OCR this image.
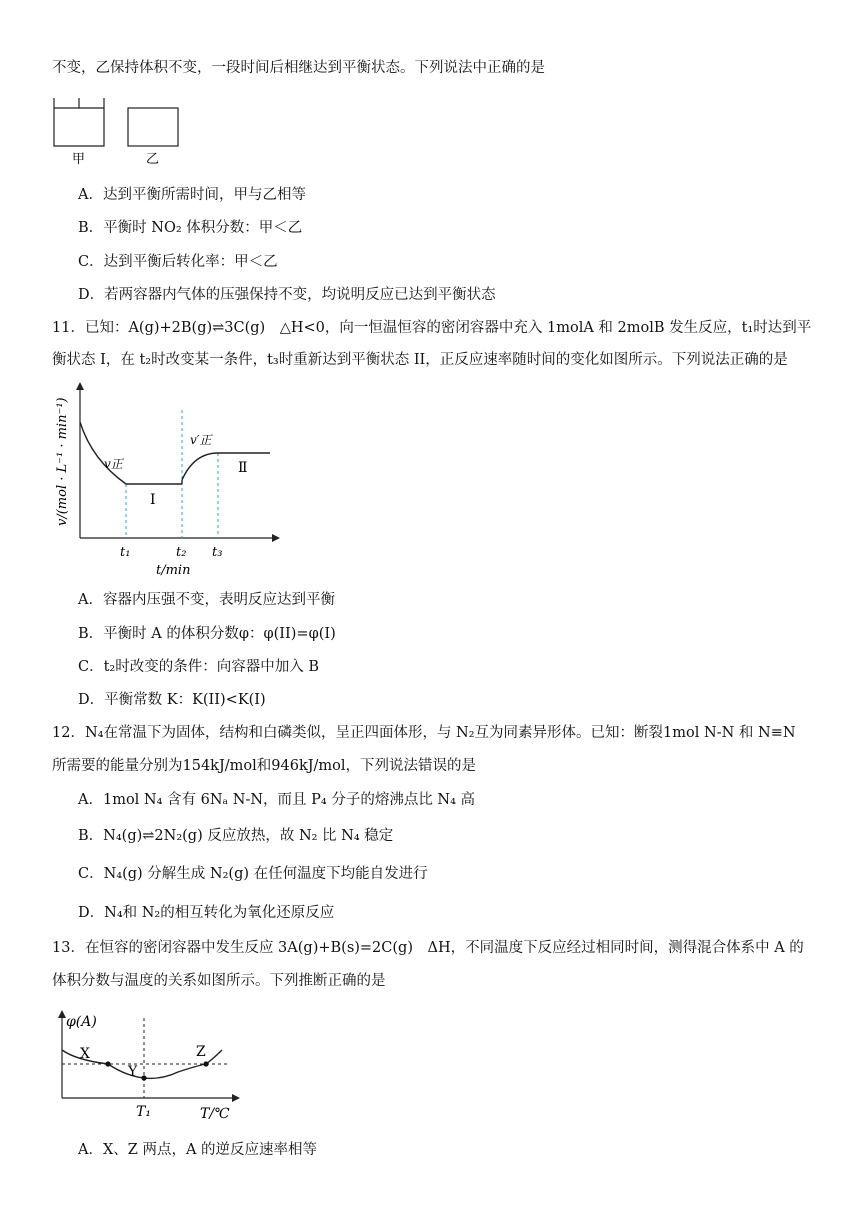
不变，乙保持体积不变，一段时间后相继达到平衡状态。下列说法中正确的是
甲	乙
A．达到平衡所需时间，甲与乙相等
B．平衡时 NO₂ 体积分数：甲＜乙
C．达到平衡后转化率：甲＜乙
D．若两容器内气体的压强保持不变，均说明反应已达到平衡状态
11．已知：A(g)+2B(g)⇌3C(g)　△H<0，向一恒温恒容的密闭容器中充入 1molA 和 2molB 发生反应，t₁时达到平
衡状态 I，在 t₂时改变某一条件，t₃时重新达到平衡状态 II，正反应速率随时间的变化如图所示。下列说法正确的是
v/(mol · L⁻¹ · min⁻¹)
t/min
t₁	t₂ t₃
v正
v′正
I
Ⅱ
A．容器内压强不变，表明反应达到平衡
B．平衡时 A 的体积分数φ：φ(II)=φ(I)
C．t₂时改变的条件：向容器中加入 B
D．平衡常数 K：K(II)<K(I)
12．N₄在常温下为固体，结构和白磷类似，呈正四面体形，与 N₂互为同素异形体。已知：断裂1mol N-N 和 N≡N
所需要的能量分别为154kJ/mol和946kJ/mol，下列说法错误的是
A．1mol N₄ 含有 6Nₐ N-N，而且 P₄ 分子的熔沸点比 N₄ 高
B．N₄(g)⇌2N₂(g) 反应放热，故 N₂ 比 N₄ 稳定
C．N₄(g) 分解生成 N₂(g) 在任何温度下均能自发进行
D．N₄和 N₂的相互转化为氧化还原反应
13．在恒容的密闭容器中发生反应 3A(g)+B(s)=2C(g)　ΔH，不同温度下反应经过相同时间，测得混合体系中 A 的
体积分数与温度的关系如图所示。下列推断正确的是
φ(A)
T/℃
T₁
X
Y
Z
A．X、Z 两点，A 的逆反应速率相等
